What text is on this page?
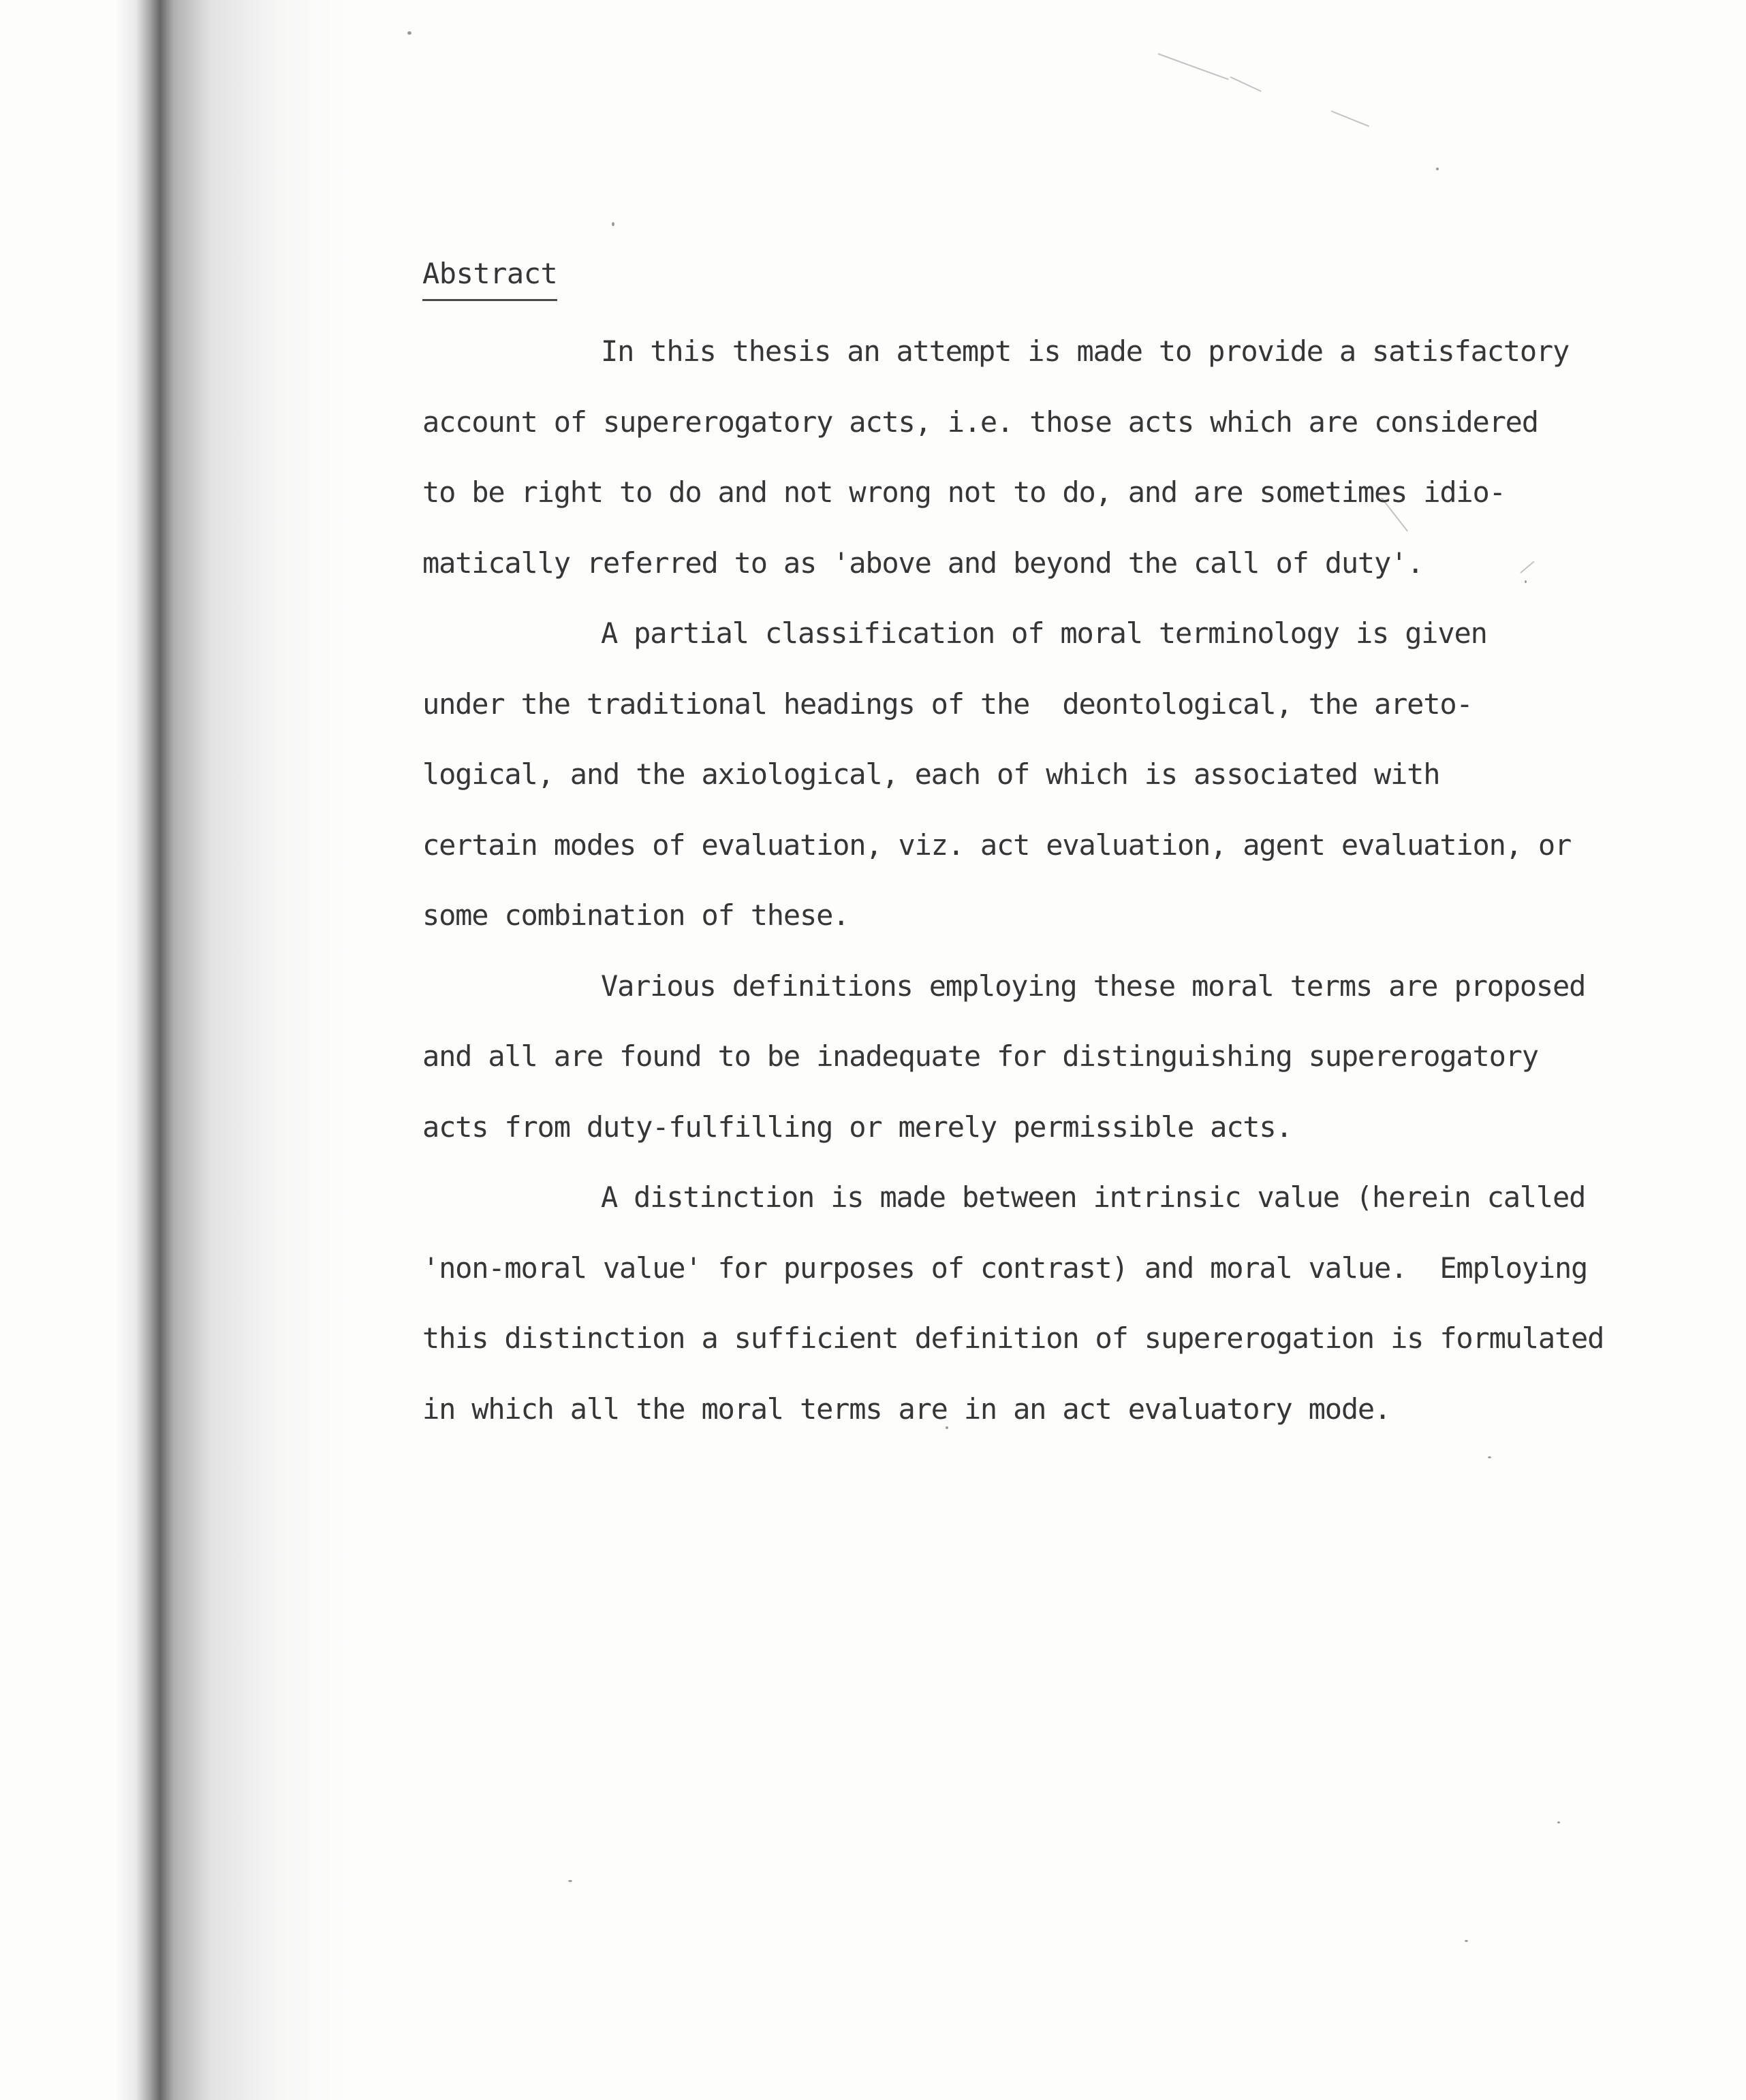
Abstract
In this thesis an attempt is made to provide a satisfactory
account of supererogatory acts, i.e. those acts which are considered
to be right to do and not wrong not to do, and are sometimes idio-
matically referred to as 'above and beyond the call of duty'.
A partial classification of moral terminology is given
under the traditional headings of the  deontological, the areto-
logical, and the axiological, each of which is associated with
certain modes of evaluation, viz. act evaluation, agent evaluation, or
some combination of these.
Various definitions employing these moral terms are proposed
and all are found to be inadequate for distinguishing supererogatory
acts from duty-fulfilling or merely permissible acts.
A distinction is made between intrinsic value (herein called
'non-moral value' for purposes of contrast) and moral value.  Employing
this distinction a sufficient definition of supererogation is formulated
in which all the moral terms are in an act evaluatory mode.
